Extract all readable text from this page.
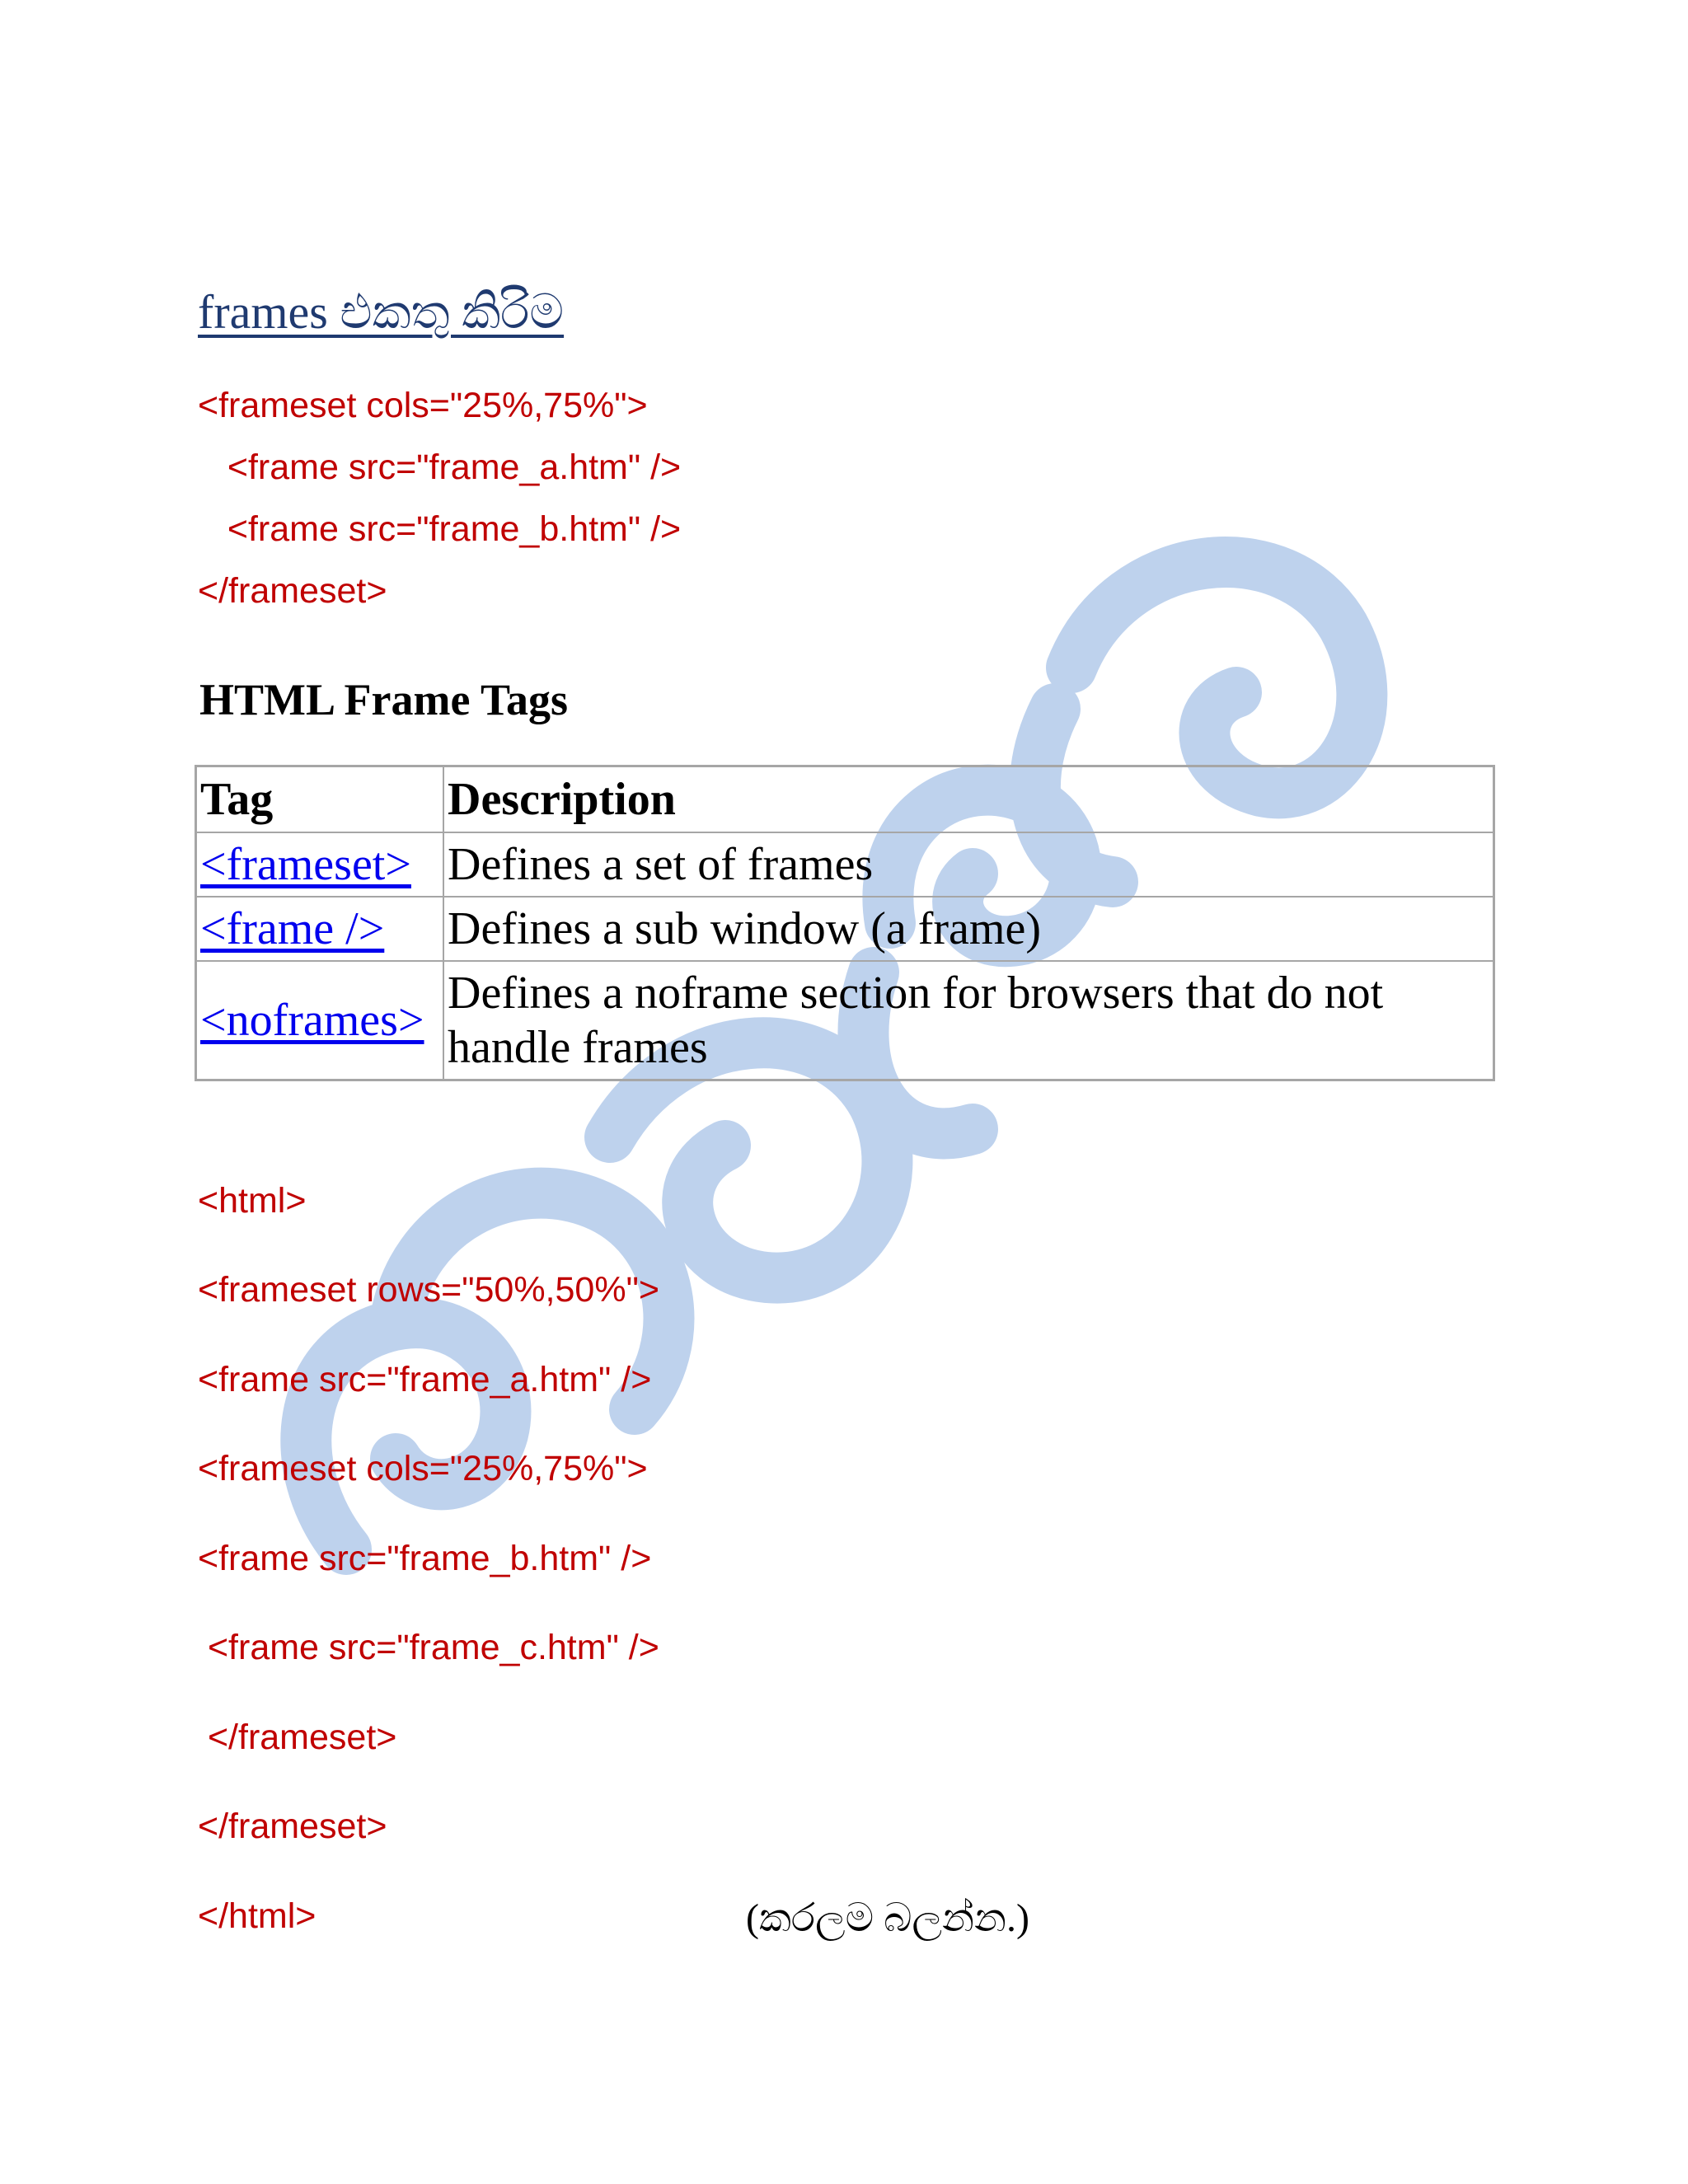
frames එකතු කිරිම
<frameset cols="25%,75%">
<frame src="frame_a.htm" />
<frame src="frame_b.htm" />
</frameset>
HTML Frame Tags
Tag	Description
<frameset>	Defines a set of frames
<frame />	Defines a sub window (a frame)
<noframes>	Defines a noframe section for browsers that do not handle frames
<html>
<frameset rows="50%,50%">
<frame src="frame_a.htm" />
<frameset cols="25%,75%">
<frame src="frame_b.htm" />
<frame src="frame_c.htm" />
</frameset>
</frameset>
</html>	(කරලම බලන්න.)
